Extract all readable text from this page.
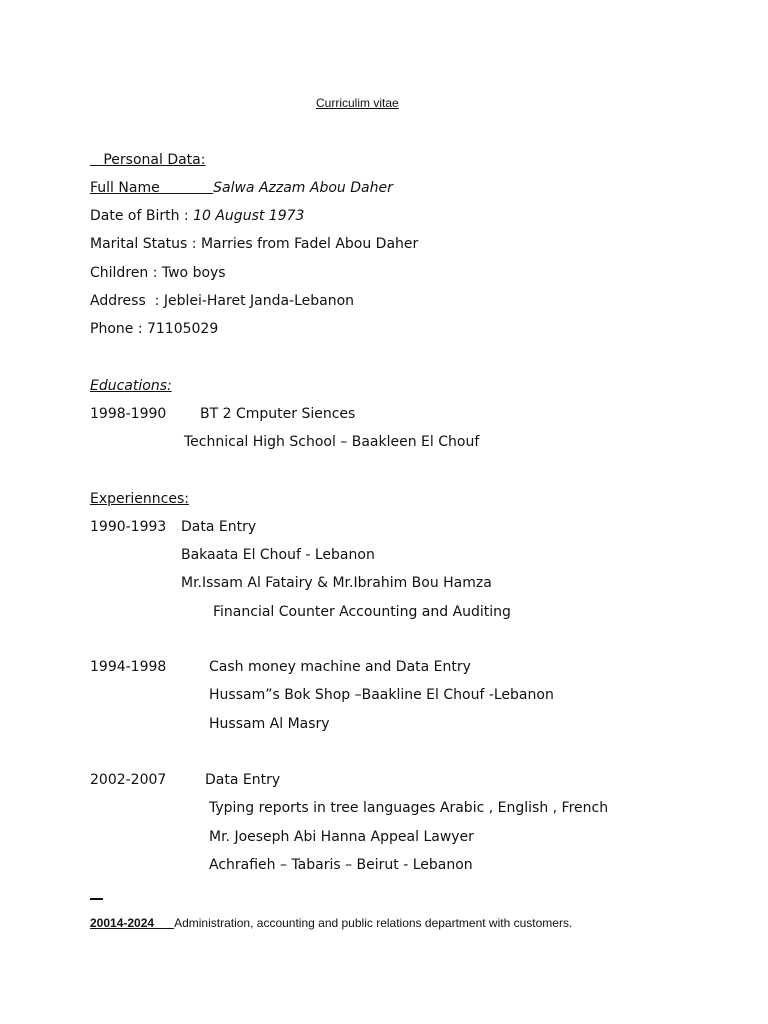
Curriculim vitae
Personal Data:
Full Name	Salwa Azzam Abou Daher
Date of Birth : 10 August 1973
Marital Status : Marries from Fadel Abou Daher
Children : Two boys
Address  : Jeblei-Haret Janda-Lebanon
Phone : 71105029
Educations:
1998-1990 BT 2 Cmputer Siences
Technical High School – Baakleen El Chouf
Experiennces:
1990-1993 Data Entry
Bakaata El Chouf - Lebanon
Mr.Issam Al Fatairy & Mr.Ibrahim Bou Hamza
Financial Counter Accounting and Auditing
1994-1998	Cash money machine and Data Entry
Hussam”s Bok Shop –Baakline El Chouf -Lebanon
Hussam Al Masry
2002-2007	Data Entry
Typing reports in tree languages Arabic , English , French
Mr. Joeseph Abi Hanna Appeal Lawyer
Achrafieh – Tabaris – Beirut - Lebanon
20014-2024 Administration, accounting and public relations department with customers.
